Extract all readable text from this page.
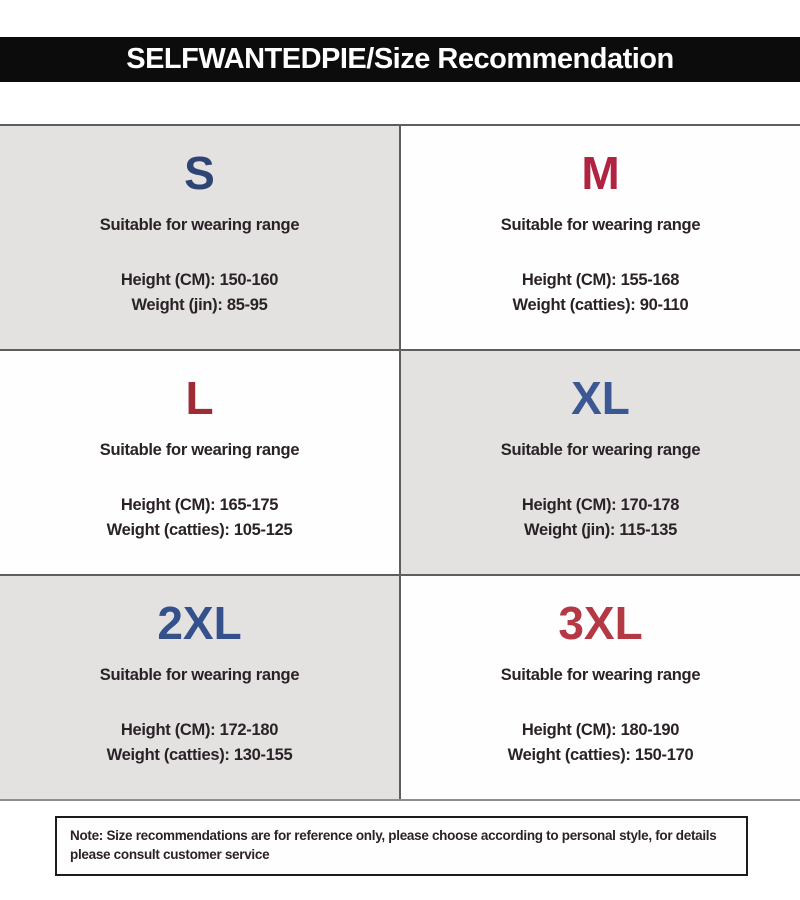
SELFWANTEDPIE/Size Recommendation
S
Suitable for wearing range
Height (CM): 150-160
Weight (jin): 85-95
M
Suitable for wearing range
Height (CM): 155-168
Weight (catties): 90-110
L
Suitable for wearing range
Height (CM): 165-175
Weight (catties): 105-125
XL
Suitable for wearing range
Height (CM): 170-178
Weight (jin): 115-135
2XL
Suitable for wearing range
Height (CM): 172-180
Weight (catties): 130-155
3XL
Suitable for wearing range
Height (CM): 180-190
Weight (catties): 150-170
Note: Size recommendations are for reference only, please choose according to personal style, for details please consult customer service
